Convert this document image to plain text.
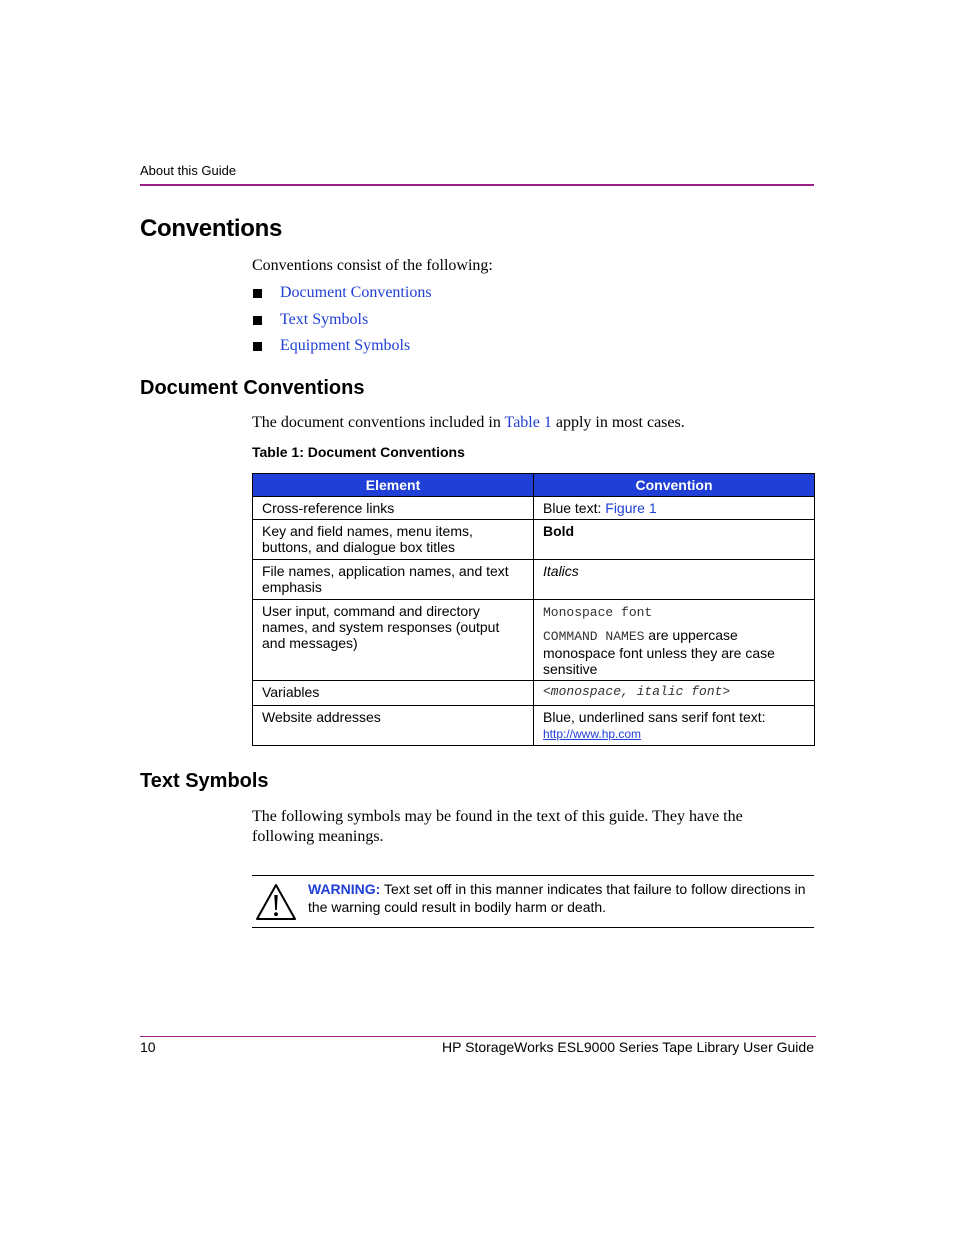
About this Guide
Conventions
Conventions consist of the following:
Document Conventions
Text Symbols
Equipment Symbols
Document Conventions
The document conventions included in Table 1 apply in most cases.
Table 1: Document Conventions
Element	Convention
Cross-reference links	Blue text: Figure 1
Key and field names, menu items, buttons, and dialogue box titles	Bold
File names, application names, and text emphasis	Italics
User input, command and directory names, and system responses (output and messages)	Monospace font
COMMAND NAMES are uppercase monospace font unless they are case sensitive

Variables	<monospace, italic font>
Website addresses	Blue, underlined sans serif font text:
http://www.hp.com
Text Symbols
The following symbols may be found in the text of this guide. They have the following meanings.
WARNING: Text set off in this manner indicates that failure to follow directions in the warning could result in bodily harm or death.
10	HP StorageWorks ESL9000 Series Tape Library User Guide
